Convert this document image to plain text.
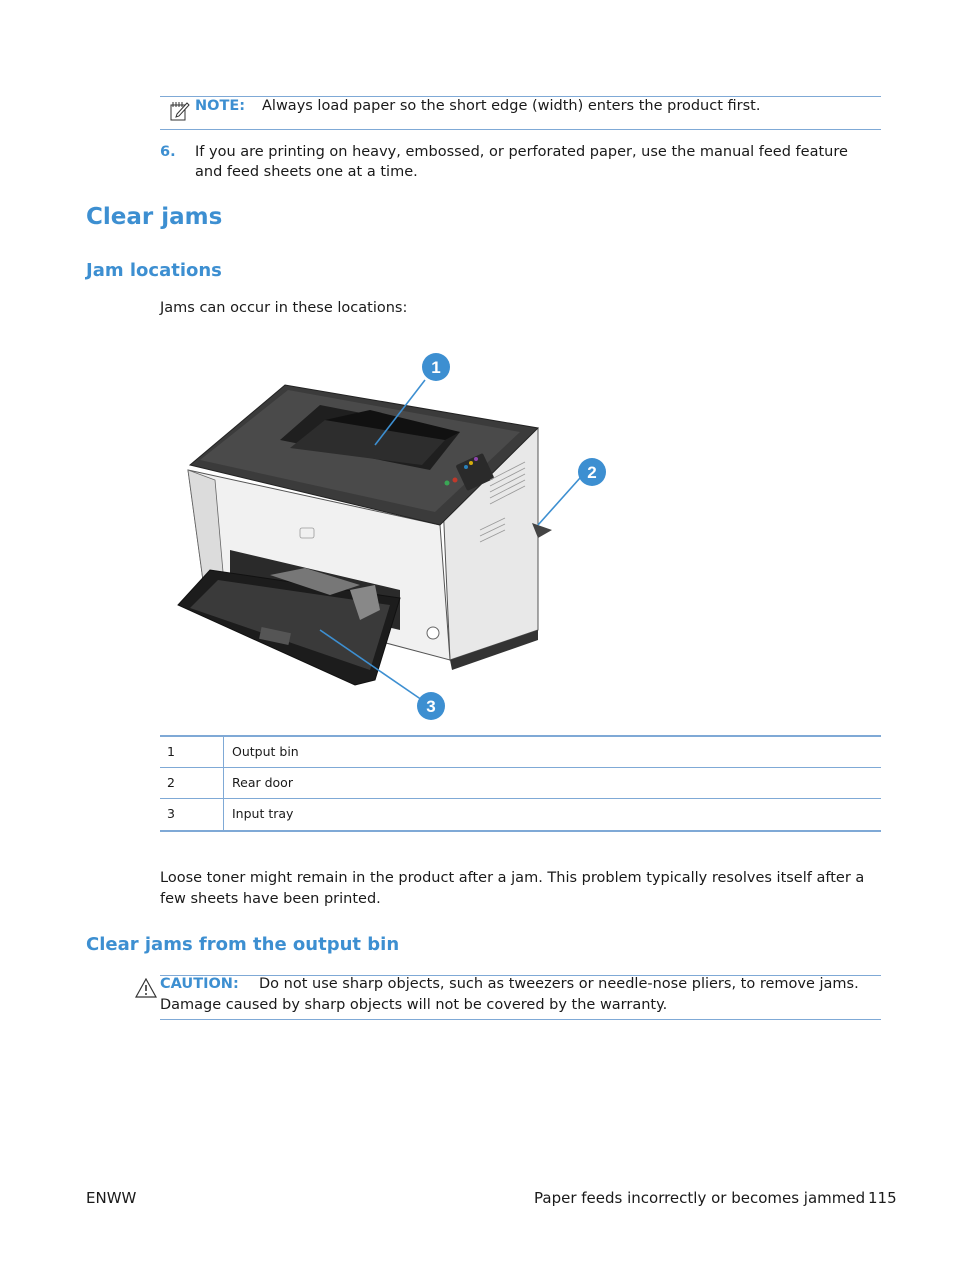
NOTE: Always load paper so the short edge (width) enters the product first.
6. If you are printing on heavy, embossed, or perforated paper, use the manual feed feature and feed sheets one at a time.
Clear jams
Jam locations
Jams can occur in these locations:
1
2
3
1	Output bin
2	Rear door
3	Input tray
Loose toner might remain in the product after a jam. This problem typically resolves itself after a few sheets have been printed.
Clear jams from the output bin
CAUTION: Do not use sharp objects, such as tweezers or needle-nose pliers, to remove jams.
Damage caused by sharp objects will not be covered by the warranty.
ENWW	Paper feeds incorrectly or becomes jammed 115
